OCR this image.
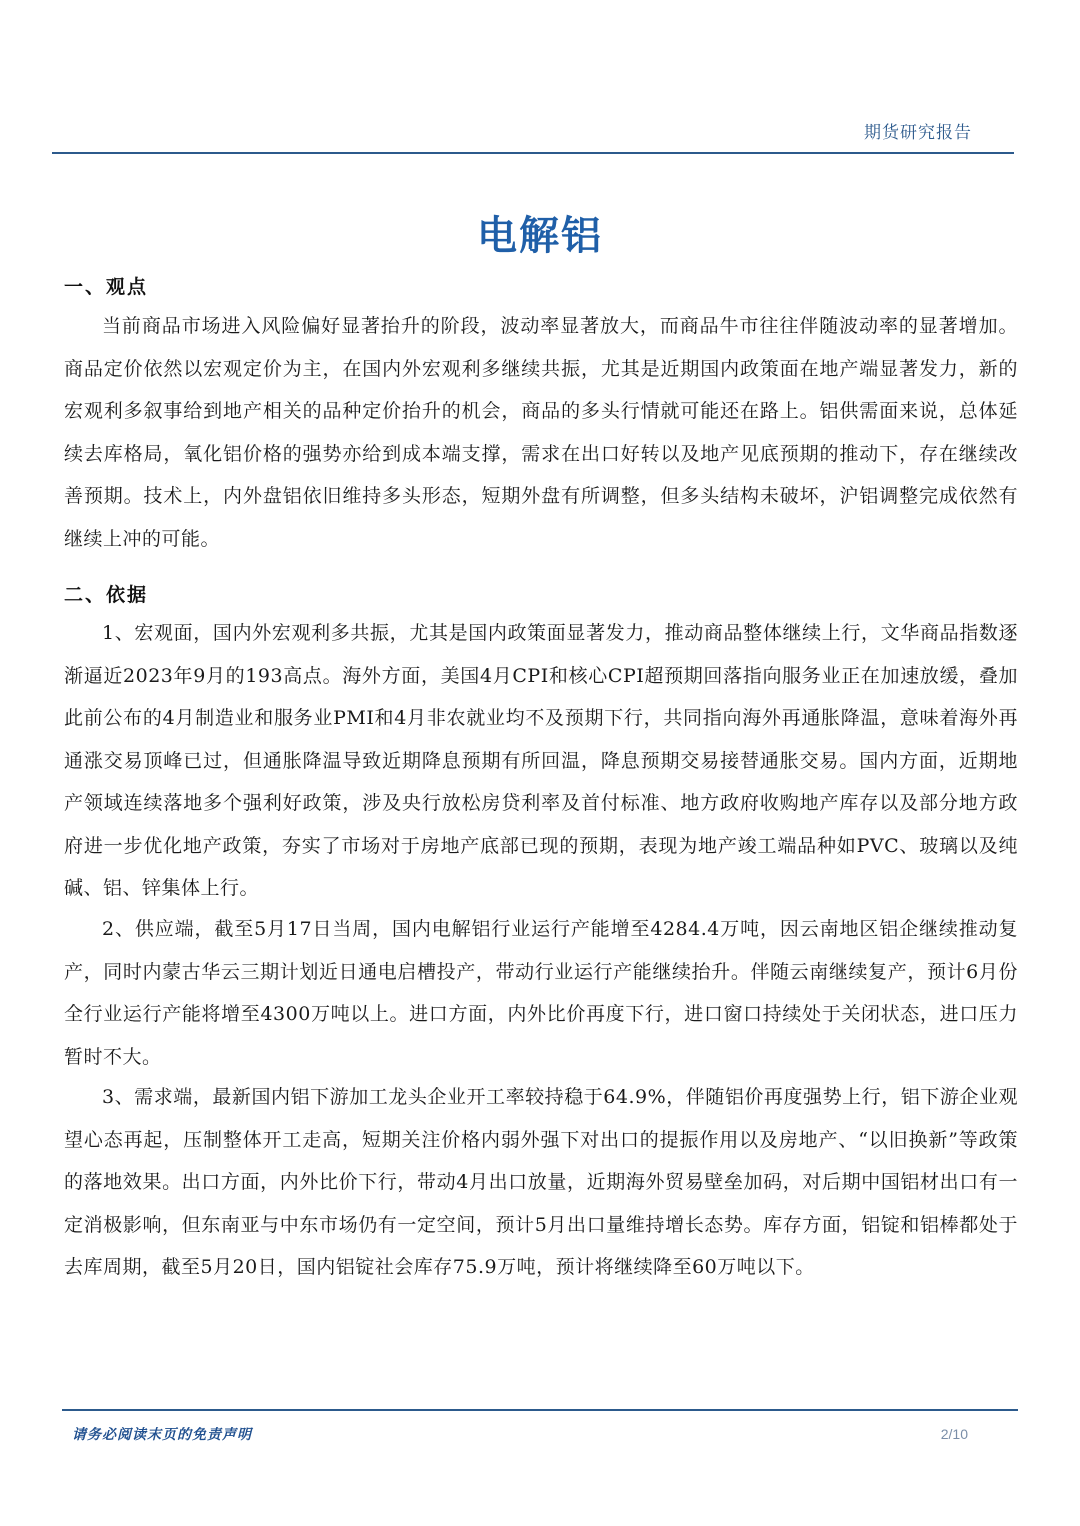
期货研究报告
电解铝
一、观点

当前商品市场进入风险偏好显著抬升的阶段，波动率显著放大，而商品牛市往往伴随波动率的显著增加。商品定价依然以宏观定价为主，在国内外宏观利多继续共振，尤其是近期国内政策面在地产端显著发力，新的宏观利多叙事给到地产相关的品种定价抬升的机会，商品的多头行情就可能还在路上。铝供需面来说，总体延续去库格局，氧化铝价格的强势亦给到成本端支撑，需求在出口好转以及地产见底预期的推动下，存在继续改善预期。技术上，内外盘铝依旧维持多头形态，短期外盘有所调整，但多头结构未破坏，沪铝调整完成依然有继续上冲的可能。

二、依据

1、宏观面，国内外宏观利多共振，尤其是国内政策面显著发力，推动商品整体继续上行，文华商品指数逐渐逼近2023年9月的193高点。海外方面，美国4月CPI和核心CPI超预期回落指向服务业正在加速放缓，叠加此前公布的4月制造业和服务业PMI和4月非农就业均不及预期下行，共同指向海外再通胀降温，意味着海外再通涨交易顶峰已过，但通胀降温导致近期降息预期有所回温，降息预期交易接替通胀交易。国内方面，近期地产领域连续落地多个强利好政策，涉及央行放松房贷利率及首付标准、地方政府收购地产库存以及部分地方政府进一步优化地产政策，夯实了市场对于房地产底部已现的预期，表现为地产竣工端品种如PVC、玻璃以及纯碱、铝、锌集体上行。

2、供应端，截至5月17日当周，国内电解铝行业运行产能增至4284.4万吨，因云南地区铝企继续推动复产，同时内蒙古华云三期计划近日通电启槽投产，带动行业运行产能继续抬升。伴随云南继续复产，预计6月份全行业运行产能将增至4300万吨以上。进口方面，内外比价再度下行，进口窗口持续处于关闭状态，进口压力暂时不大。

3、需求端，最新国内铝下游加工龙头企业开工率较持稳于64.9%，伴随铝价再度强势上行，铝下游企业观望心态再起，压制整体开工走高，短期关注价格内弱外强下对出口的提振作用以及房地产、“以旧换新”等政策的落地效果。出口方面，内外比价下行，带动4月出口放量，近期海外贸易壁垒加码，对后期中国铝材出口有一定消极影响，但东南亚与中东市场仍有一定空间，预计5月出口量维持增长态势。库存方面，铝锭和铝棒都处于去库周期，截至5月20日，国内铝锭社会库存75.9万吨，预计将继续降至60万吨以下。

请务必阅读末页的免责声明	2/10
